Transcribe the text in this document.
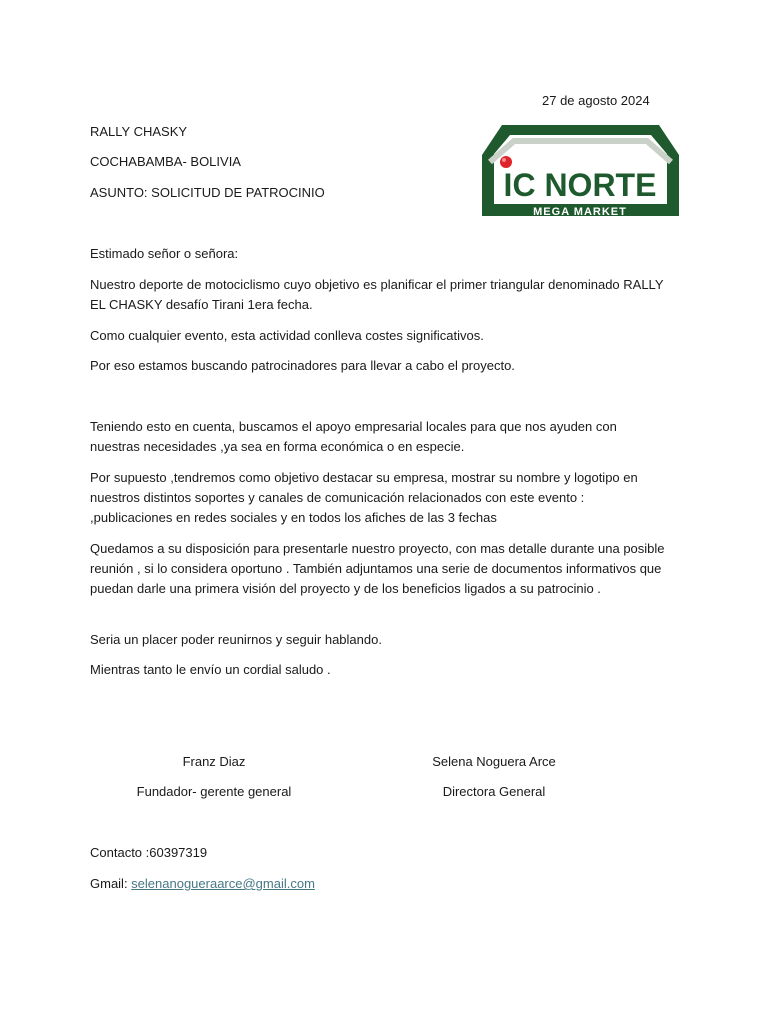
27 de agosto 2024
RALLY CHASKY
COCHABAMBA- BOLIVIA
ASUNTO: SOLICITUD DE PATROCINIO	IC NORTE
MEGA MARKET
Estimado señor o señora:
Nuestro deporte de motociclismo cuyo objetivo es planificar el primer triangular denominado RALLY EL CHASKY desafío Tirani 1era fecha.
Como cualquier evento, esta actividad conlleva costes significativos.
Por eso estamos buscando patrocinadores para llevar a cabo el proyecto.
Teniendo esto en cuenta, buscamos el apoyo empresarial locales para que nos ayuden con nuestras necesidades ,ya sea en forma económica o en especie.
Por supuesto ,tendremos como objetivo destacar su empresa, mostrar su nombre y logotipo en nuestros distintos soportes y canales de comunicación relacionados con este evento : ,publicaciones en redes sociales y en todos los afiches de las 3 fechas
Quedamos a su disposición para presentarle nuestro proyecto, con mas detalle durante una posible reunión , si lo considera oportuno . También adjuntamos una serie de documentos informativos que puedan darle una primera visión del proyecto y de los beneficios ligados a su patrocinio .
Seria un placer poder reunirnos y seguir hablando.
Mientras tanto le envío un cordial saludo .
Franz Diaz
Fundador- gerente general
Selena Noguera Arce
Directora General
Contacto :60397319
Gmail: selenanogueraarce@gmail.com
